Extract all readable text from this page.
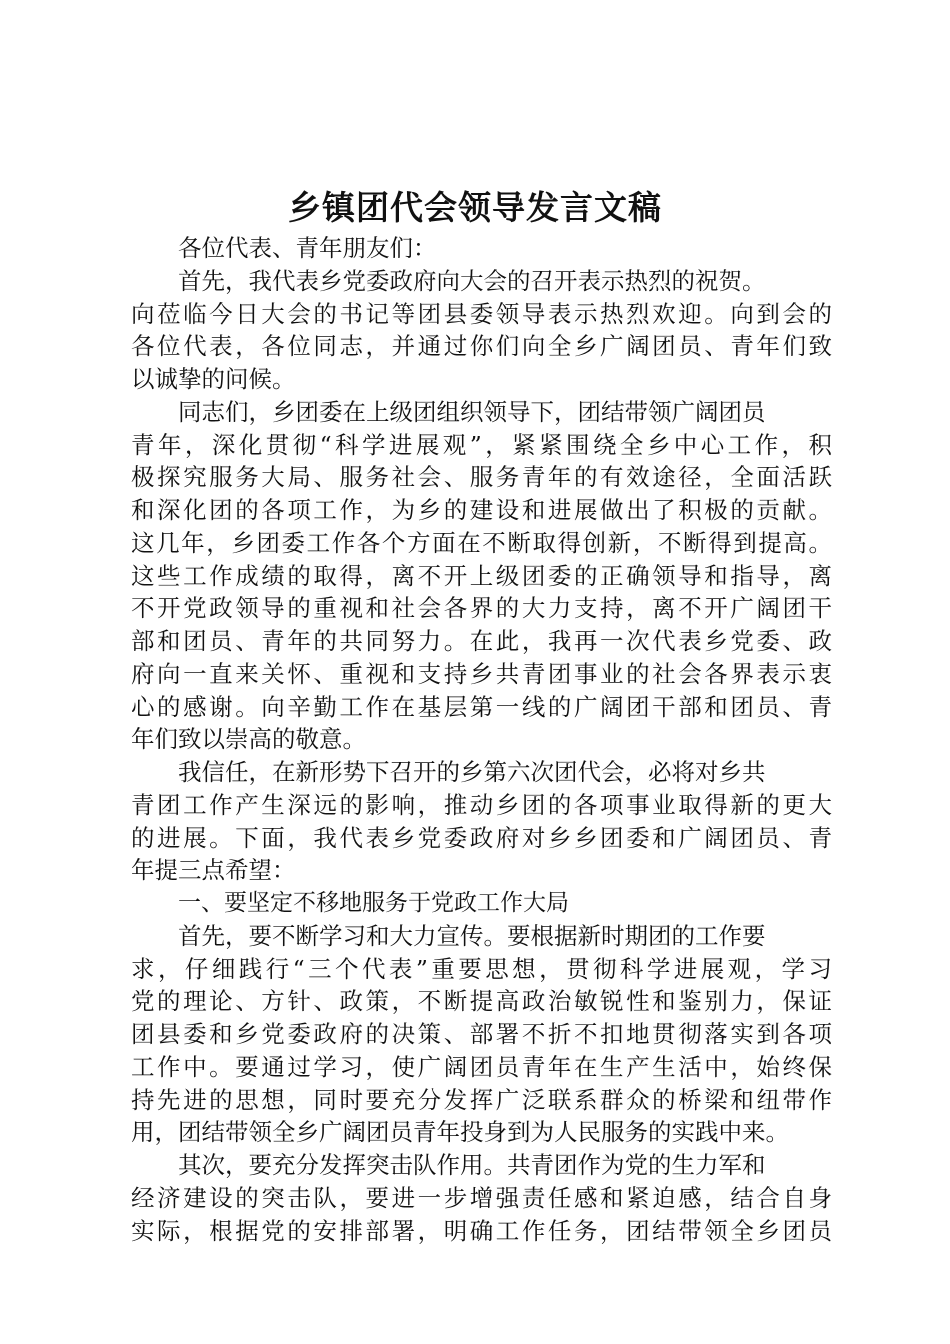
乡镇团代会领导发言文稿
各位代表、青年朋友们：
首先，我代表乡党委政府向大会的召开表示热烈的祝贺。
向莅临今日大会的书记等团县委领导表示热烈欢迎。向到会的
各位代表，各位同志，并通过你们向全乡广阔团员、青年们致
以诚挚的问候。
同志们，乡团委在上级团组织领导下，团结带领广阔团员
青年，深化贯彻“科学进展观”，紧紧围绕全乡中心工作，积
极探究服务大局、服务社会、服务青年的有效途径，全面活跃
和深化团的各项工作，为乡的建设和进展做出了积极的贡献。
这几年，乡团委工作各个方面在不断取得创新，不断得到提高。
这些工作成绩的取得，离不开上级团委的正确领导和指导，离
不开党政领导的重视和社会各界的大力支持，离不开广阔团干
部和团员、青年的共同努力。在此，我再一次代表乡党委、政
府向一直来关怀、重视和支持乡共青团事业的社会各界表示衷
心的感谢。向辛勤工作在基层第一线的广阔团干部和团员、青
年们致以崇高的敬意。
我信任，在新形势下召开的乡第六次团代会，必将对乡共
青团工作产生深远的影响，推动乡团的各项事业取得新的更大
的进展。下面，我代表乡党委政府对乡乡团委和广阔团员、青
年提三点希望：
一、要坚定不移地服务于党政工作大局
首先，要不断学习和大力宣传。要根据新时期团的工作要
求，仔细践行“三个代表”重要思想，贯彻科学进展观，学习
党的理论、方针、政策，不断提高政治敏锐性和鉴别力，保证
团县委和乡党委政府的决策、部署不折不扣地贯彻落实到各项
工作中。要通过学习，使广阔团员青年在生产生活中，始终保
持先进的思想，同时要充分发挥广泛联系群众的桥梁和纽带作
用，团结带领全乡广阔团员青年投身到为人民服务的实践中来。
其次，要充分发挥突击队作用。共青团作为党的生力军和
经济建设的突击队，要进一步增强责任感和紧迫感，结合自身
实际，根据党的安排部署，明确工作任务，团结带领全乡团员
